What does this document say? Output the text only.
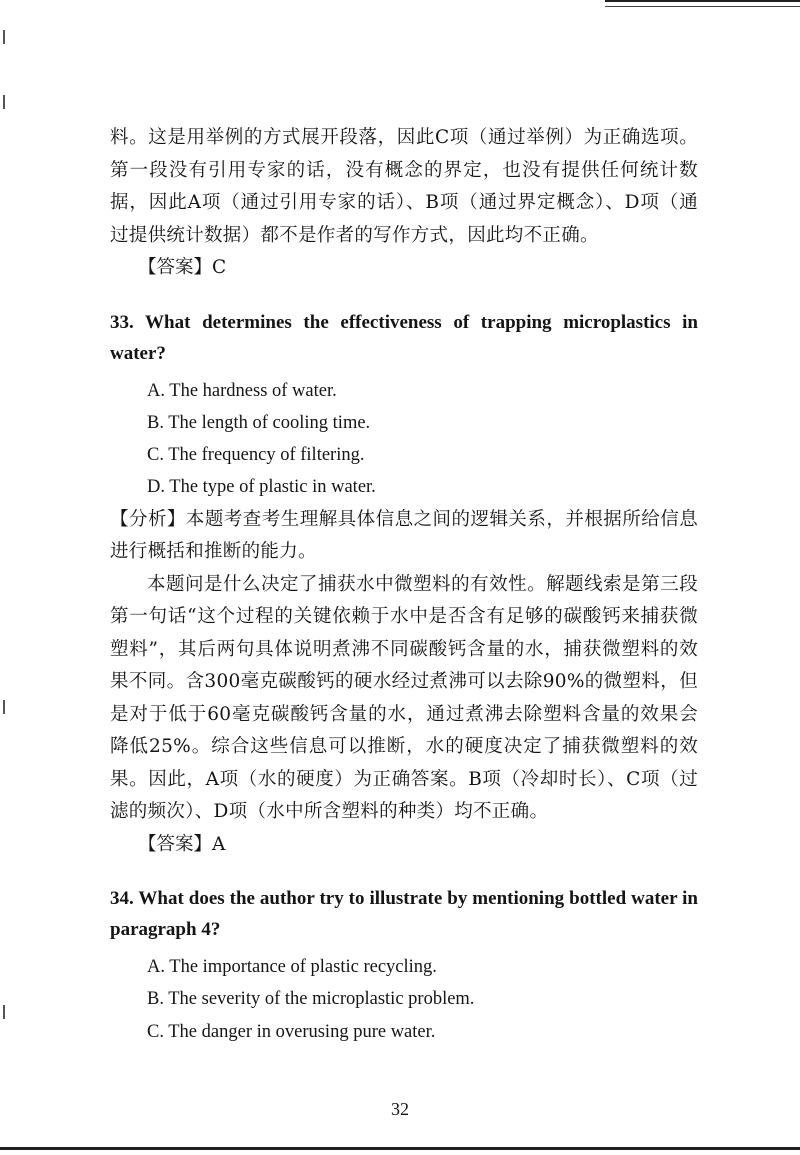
料。这是用举例的方式展开段落，因此C项（通过举例）为正确选项。第一段没有引用专家的话，没有概念的界定，也没有提供任何统计数据，因此A项（通过引用专家的话）、B项（通过界定概念）、D项（通过提供统计数据）都不是作者的写作方式，因此均不正确。

【答案】C

33. What determines the effectiveness of trapping microplastics in water?

A. The hardness of water.

B. The length of cooling time.

C. The frequency of filtering.

D. The type of plastic in water.

【分析】本题考查考生理解具体信息之间的逻辑关系，并根据所给信息进行概括和推断的能力。

本题问是什么决定了捕获水中微塑料的有效性。解题线索是第三段第一句话“这个过程的关键依赖于水中是否含有足够的碳酸钙来捕获微塑料”，其后两句具体说明煮沸不同碳酸钙含量的水，捕获微塑料的效果不同。含300毫克碳酸钙的硬水经过煮沸可以去除90%的微塑料，但是对于低于60毫克碳酸钙含量的水，通过煮沸去除塑料含量的效果会降低25%。综合这些信息可以推断，水的硬度决定了捕获微塑料的效果。因此，A项（水的硬度）为正确答案。B项（冷却时长）、C项（过滤的频次）、D项（水中所含塑料的种类）均不正确。

【答案】A

34. What does the author try to illustrate by mentioning bottled water in paragraph 4?

A. The importance of plastic recycling.

B. The severity of the microplastic problem.

C. The danger in overusing pure water.

32
